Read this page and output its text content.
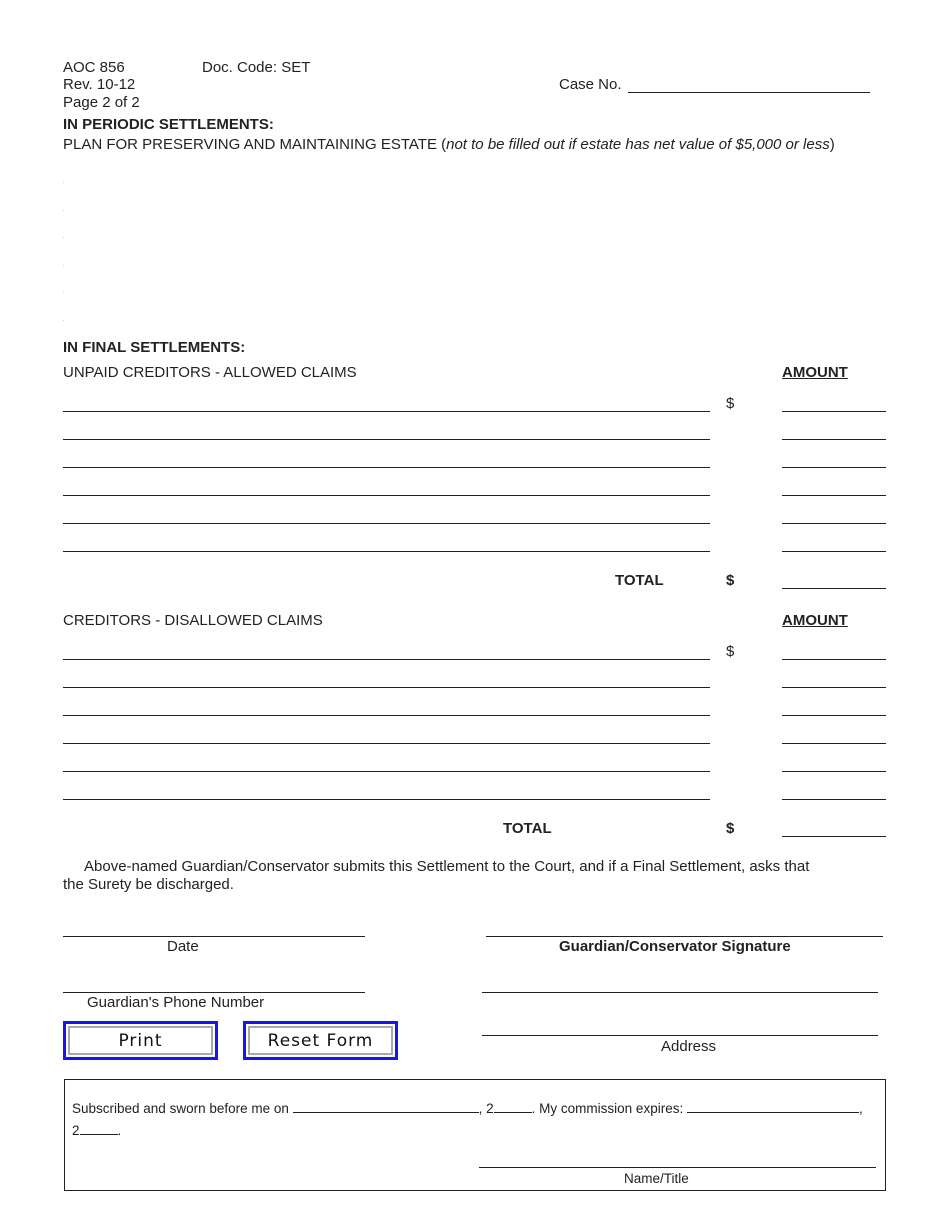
AOC 856	Doc. Code: SET
Rev. 10-12
Page 2 of 2
Case No.
IN PERIODIC SETTLEMENTS:
PLAN FOR PRESERVING AND MAINTAINING ESTATE (not to be filled out if estate has net value of $5,000 or less)
IN FINAL SETTLEMENTS:
UNPAID CREDITORS - ALLOWED CLAIMS	AMOUNT
$
TOTAL	$
CREDITORS - DISALLOWED CLAIMS	AMOUNT
$
TOTAL	$
Above-named Guardian/Conservator submits this Settlement to the Court, and if a Final Settlement, asks that
the Surety be discharged.
Date	Guardian/Conservator Signature
Guardian's Phone Number
Address
Print	Reset Form
Subscribed and sworn before me on	, 2	. My commission expires:	,
2	.
Name/Title
